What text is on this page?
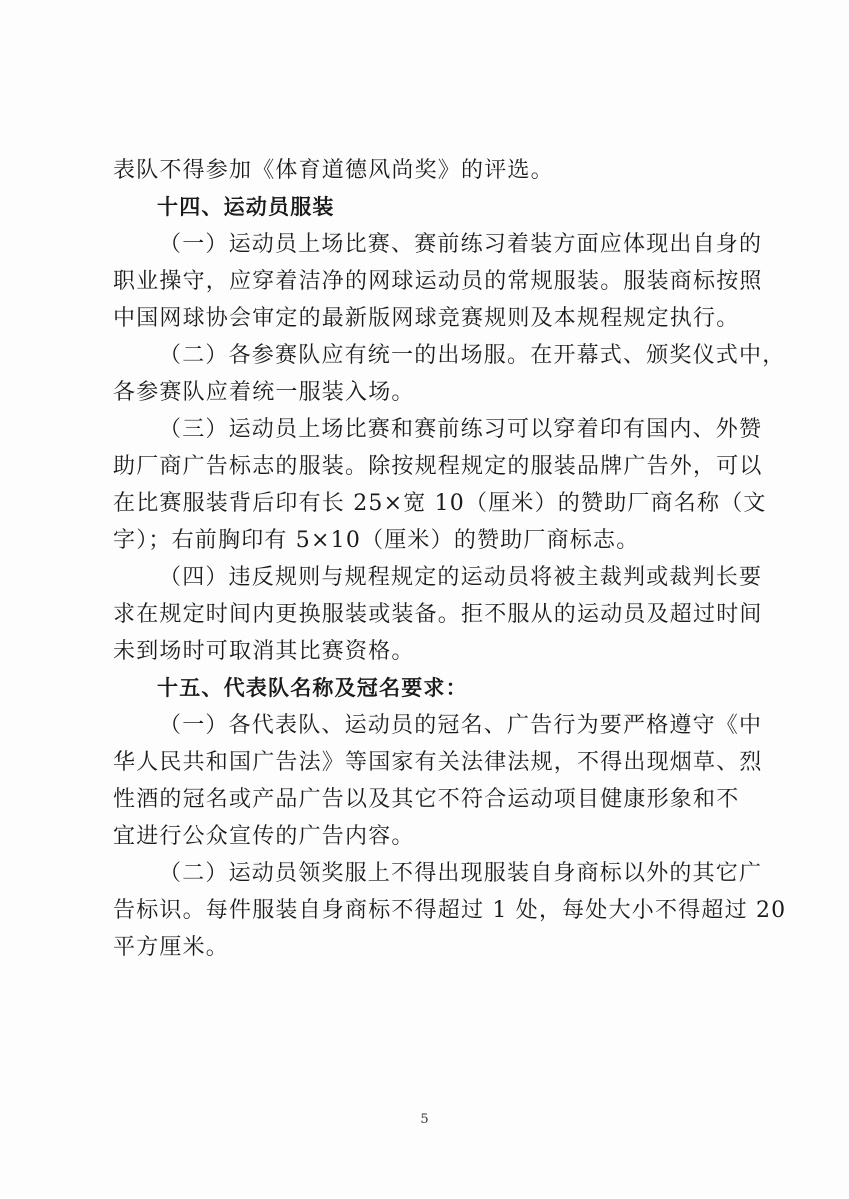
表队不得参加《体育道德风尚奖》的评选。
十四、运动员服装
（一）运动员上场比赛、赛前练习着装方面应体现出自身的
职业操守，应穿着洁净的网球运动员的常规服装。服装商标按照
中国网球协会审定的最新版网球竞赛规则及本规程规定执行。
（二）各参赛队应有统一的出场服。在开幕式、颁奖仪式中，
各参赛队应着统一服装入场。
（三）运动员上场比赛和赛前练习可以穿着印有国内、外赞
助厂商广告标志的服装。除按规程规定的服装品牌广告外，可以
在比赛服装背后印有长 25×宽 10（厘米）的赞助厂商名称（文
字）；右前胸印有 5×10（厘米）的赞助厂商标志。
（四）违反规则与规程规定的运动员将被主裁判或裁判长要
求在规定时间内更换服装或装备。拒不服从的运动员及超过时间
未到场时可取消其比赛资格。
十五、代表队名称及冠名要求：
（一）各代表队、运动员的冠名、广告行为要严格遵守《中
华人民共和国广告法》等国家有关法律法规，不得出现烟草、烈
性酒的冠名或产品广告以及其它不符合运动项目健康形象和不
宜进行公众宣传的广告内容。
（二）运动员领奖服上不得出现服装自身商标以外的其它广
告标识。每件服装自身商标不得超过 1 处，每处大小不得超过 20
平方厘米。
5
